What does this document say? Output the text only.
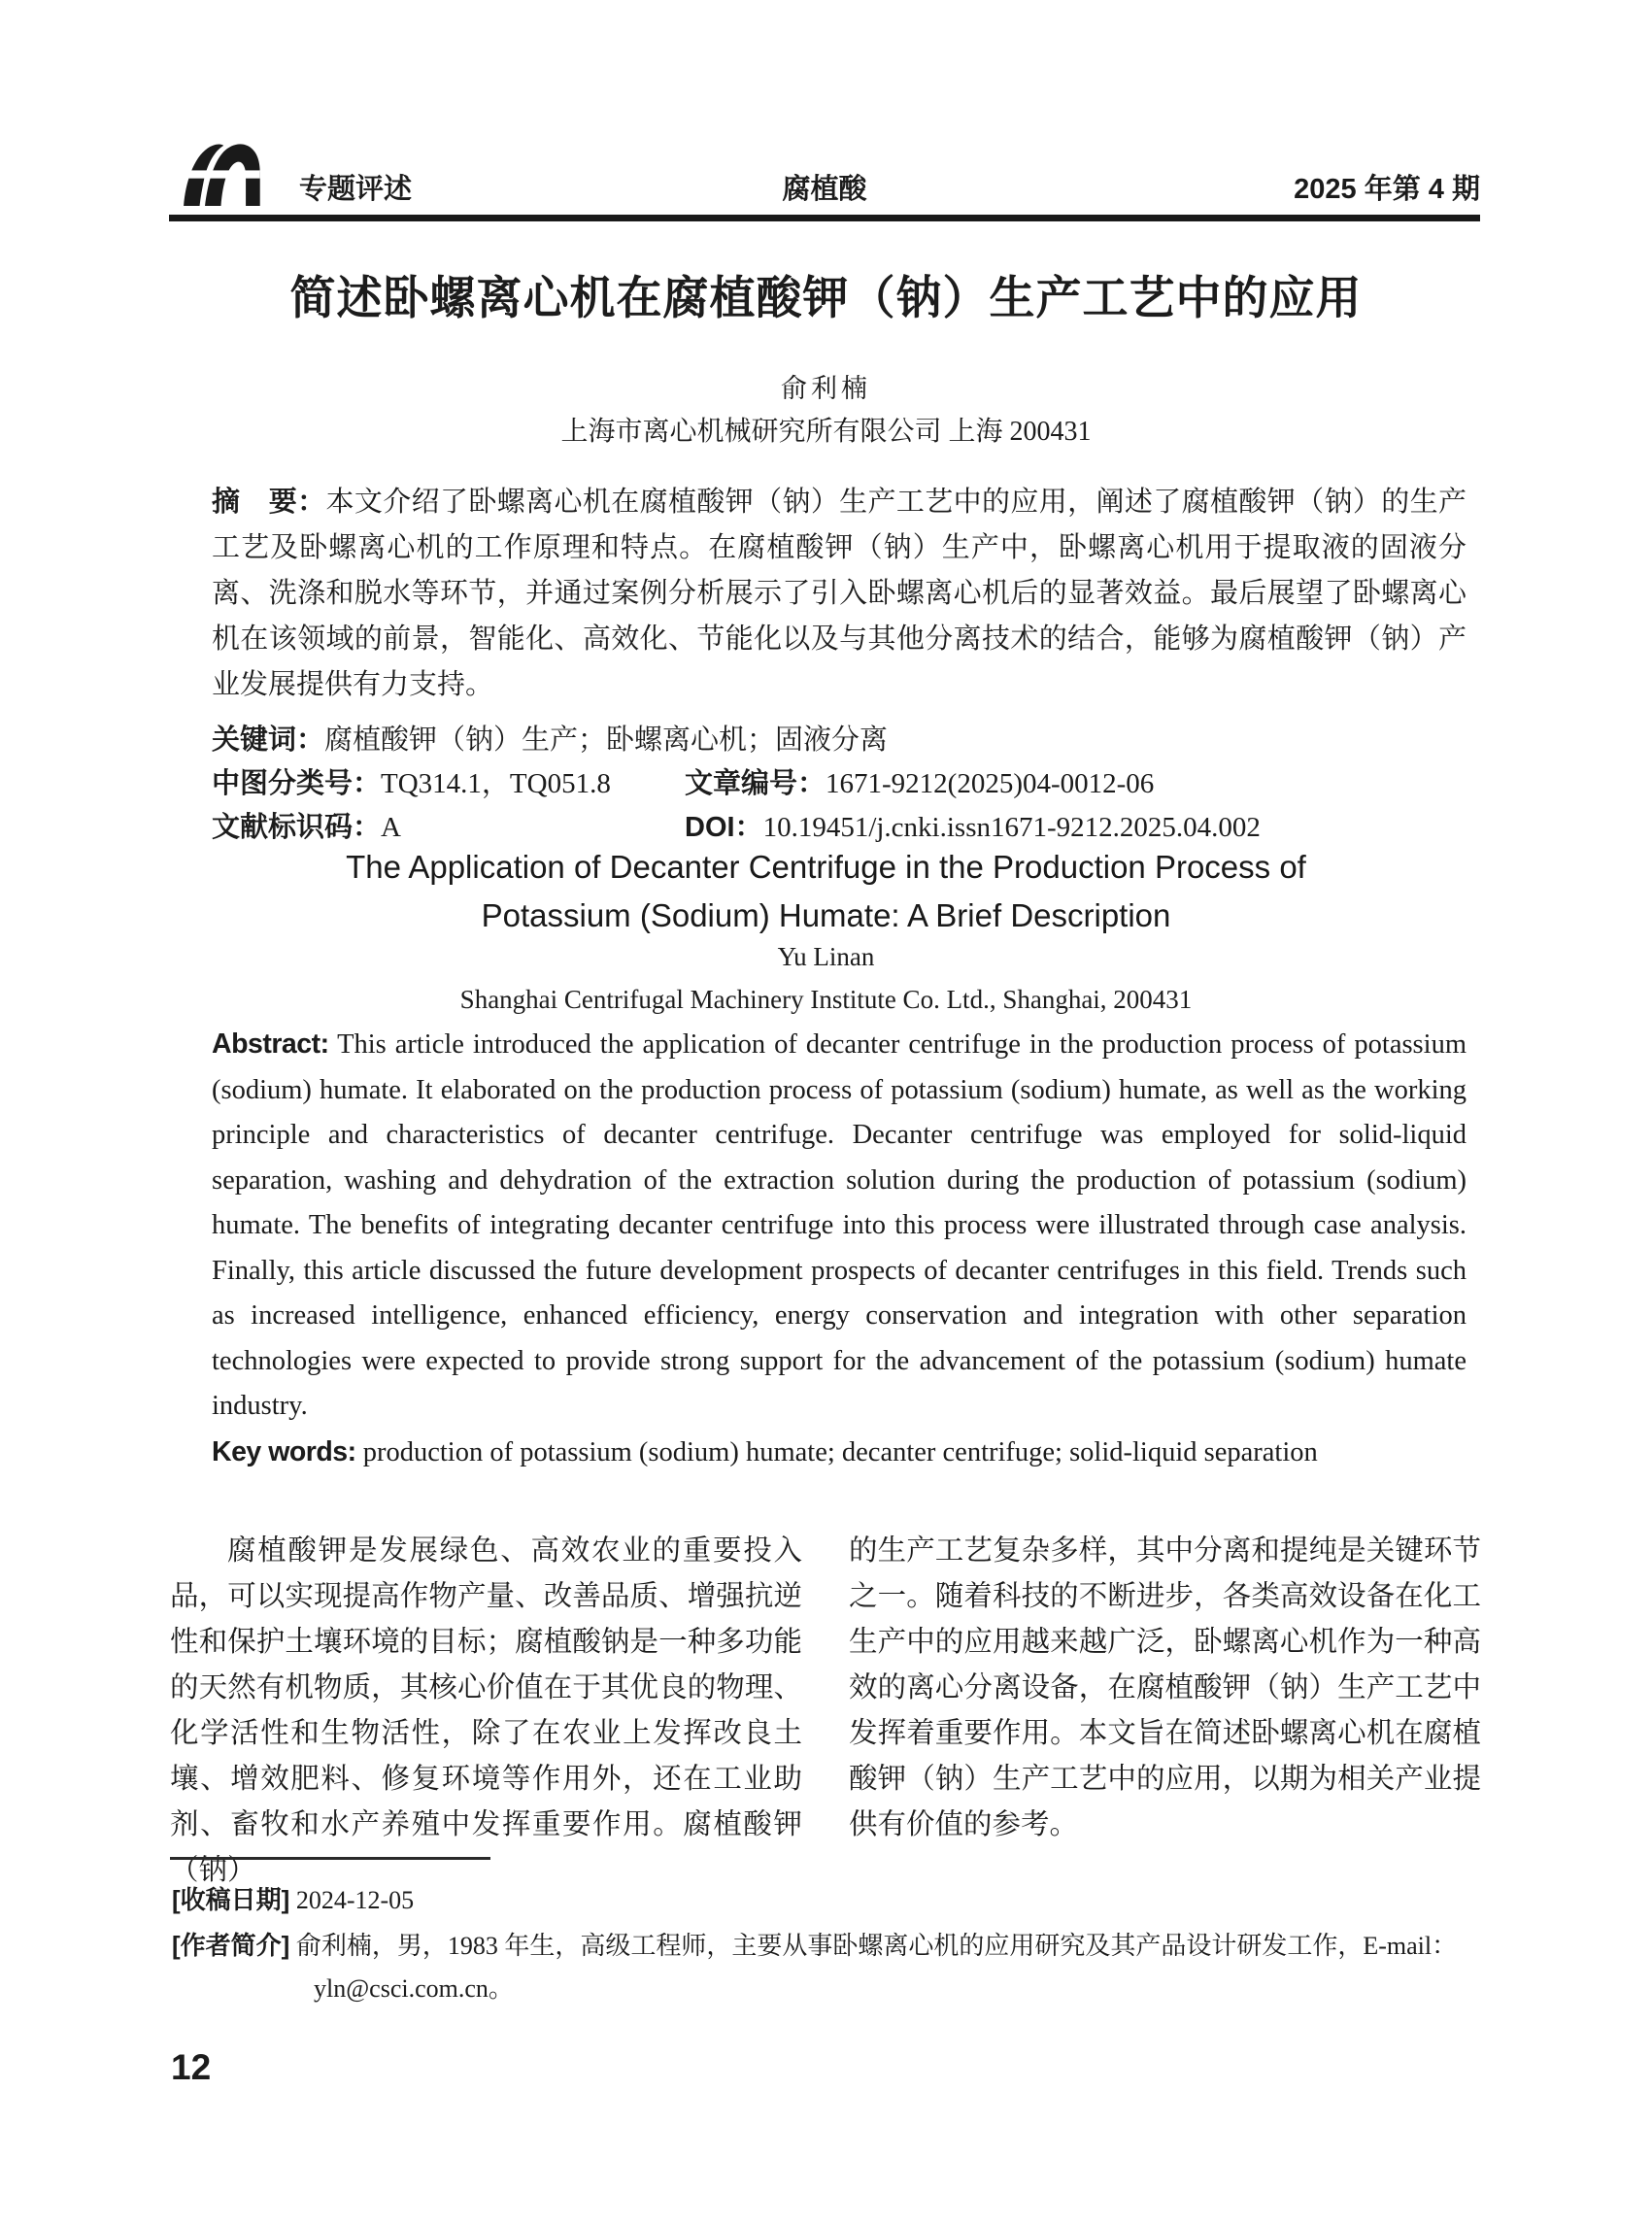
专题评述	腐植酸	2025 年第 4 期
简述卧螺离心机在腐植酸钾（钠）生产工艺中的应用
俞利楠
上海市离心机械研究所有限公司 上海 200431
摘　要：本文介绍了卧螺离心机在腐植酸钾（钠）生产工艺中的应用，阐述了腐植酸钾（钠）的生产工艺及卧螺离心机的工作原理和特点。在腐植酸钾（钠）生产中，卧螺离心机用于提取液的固液分离、洗涤和脱水等环节，并通过案例分析展示了引入卧螺离心机后的显著效益。最后展望了卧螺离心机在该领域的前景，智能化、高效化、节能化以及与其他分离技术的结合，能够为腐植酸钾（钠）产业发展提供有力支持。
关键词：腐植酸钾（钠）生产；卧螺离心机；固液分离
中图分类号：TQ314.1，TQ051.8	文章编号：1671-9212(2025)04-0012-06
文献标识码：A	DOI：10.19451/j.cnki.issn1671-9212.2025.04.002
The Application of Decanter Centrifuge in the Production Process of
Potassium (Sodium) Humate: A Brief Description
Yu Linan
Shanghai Centrifugal Machinery Institute Co. Ltd., Shanghai, 200431

Abstract: This article introduced the application of decanter centrifuge in the production process of potassium (sodium) humate. It elaborated on the production process of potassium (sodium) humate, as well as the working principle and characteristics of decanter centrifuge. Decanter centrifuge was employed for solid-liquid separation, washing and dehydration of the extraction solution during the production of potassium (sodium) humate. The benefits of integrating decanter centrifuge into this process were illustrated through case analysis. Finally, this article discussed the future development prospects of decanter centrifuges in this field. Trends such as increased intelligence, enhanced efficiency, energy conservation and integration with other separation technologies were expected to provide strong support for the advancement of the potassium (sodium) humate industry.

Key words: production of potassium (sodium) humate; decanter centrifuge; solid-liquid separation

腐植酸钾是发展绿色、高效农业的重要投入品，可以实现提高作物产量、改善品质、增强抗逆性和保护土壤环境的目标；腐植酸钠是一种多功能的天然有机物质，其核心价值在于其优良的物理、化学活性和生物活性，除了在农业上发挥改良土壤、增效肥料、修复环境等作用外，还在工业助剂、畜牧和水产养殖中发挥重要作用。腐植酸钾（钠）

的生产工艺复杂多样，其中分离和提纯是关键环节之一。随着科技的不断进步，各类高效设备在化工生产中的应用越来越广泛，卧螺离心机作为一种高效的离心分离设备，在腐植酸钾（钠）生产工艺中发挥着重要作用。本文旨在简述卧螺离心机在腐植酸钾（钠）生产工艺中的应用，以期为相关产业提供有价值的参考。

[收稿日期] 2024-12-05

[作者简介] 俞利楠，男，1983 年生，高级工程师，主要从事卧螺离心机的应用研究及其产品设计研发工作，E-mail：yln@csci.com.cn。

12
